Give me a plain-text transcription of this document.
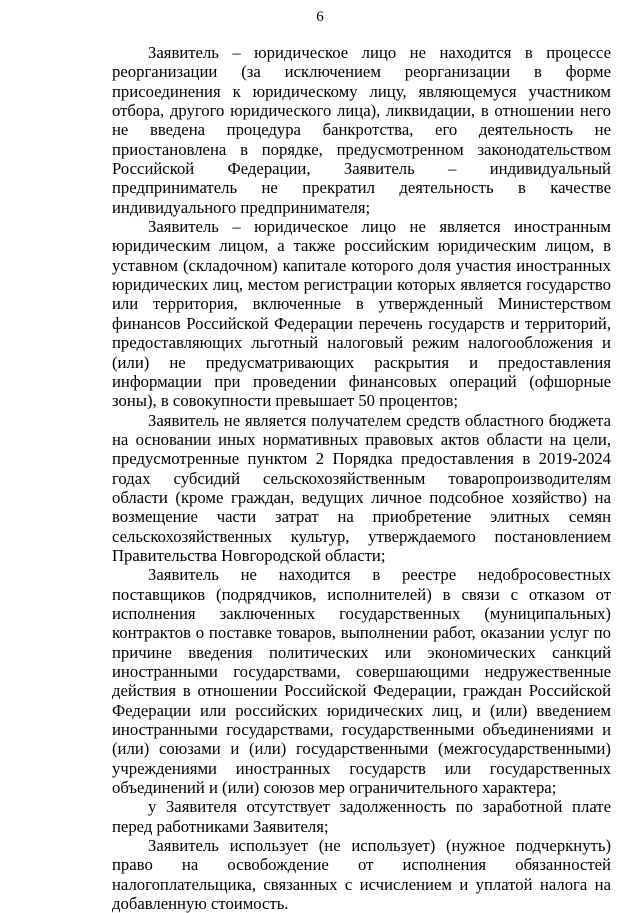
6

Заявитель – юридическое лицо не находится в процессе реорганизации (за исключением реорганизации в форме присоединения к юридическому лицу, являющемуся участником отбора, другого юридического лица), ликвидации, в отношении него не введена процедура банкротства, его деятельность не приостановлена в порядке, предусмотренном законодательством Российской Федерации, Заявитель – индивидуальный предприниматель не прекратил деятельность в качестве индивидуального предпринимателя;

Заявитель – юридическое лицо не является иностранным юридическим лицом, а также российским юридическим лицом, в уставном (складочном) капитале которого доля участия иностранных юридических лиц, местом регистрации которых является государство или территория, включенные в утвержденный Министерством финансов Российской Федерации перечень государств и территорий, предоставляющих льготный налоговый режим налогообложения и (или) не предусматривающих раскрытия и предоставления информации при проведении финансовых операций (офшорные зоны), в совокупности превышает 50 процентов;

Заявитель не является получателем средств областного бюджета на основании иных нормативных правовых актов области на цели, предусмотренные пунктом 2 Порядка предоставления в 2019-2024 годах субсидий сельскохозяйственным товаропроизводителям области (кроме граждан, ведущих личное подсобное хозяйство) на возмещение части затрат на приобретение элитных семян сельскохозяйственных культур, утверждаемого постановлением Правительства Новгородской области;

Заявитель не находится в реестре недобросовестных поставщиков (подрядчиков, исполнителей) в связи с отказом от исполнения заключенных государственных (муниципальных) контрактов о поставке товаров, выполнении работ, оказании услуг по причине введения политических или экономических санкций иностранными государствами, совершающими недружественные действия в отношении Российской Федерации, граждан Российской Федерации или российских юридических лиц, и (или) введением иностранными государствами, государственными объединениями и (или) союзами и (или) государственными (межгосударственными) учреждениями иностранных государств или государственных объединений и (или) союзов мер ограничительного характера;

у Заявителя отсутствует задолженность по заработной плате перед работниками Заявителя;

Заявитель использует (не использует) (нужное подчеркнуть) право на освобождение от исполнения обязанностей налогоплательщика, связанных с исчислением и уплатой налога на добавленную стоимость.
